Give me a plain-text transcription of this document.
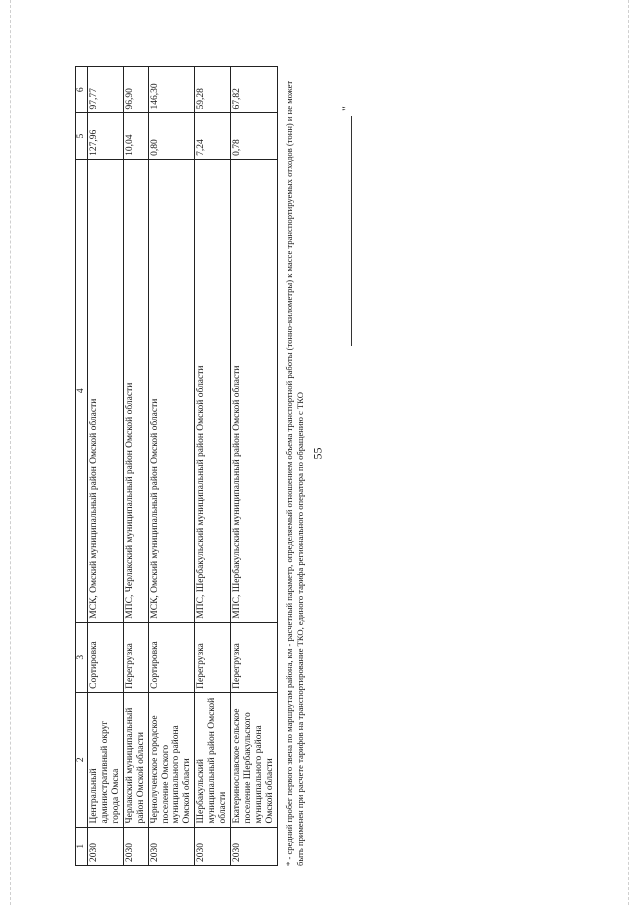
55
1	2	3	4	5	6
2030	Центральный административный округ города Омска	Сортировка	МСК, Омский муниципальный район Омской области	127,96	97,77
2030	Черлакский муниципальный район Омской области	Перегрузка	МПС, Черлакский муниципальный район Омской области	10,04	96,90
2030	Чернолученское городское поселение Омского муниципального района Омской области	Сортировка	МСК, Омский муниципальный район Омской области	0,80	146,30
2030	Шербакульский муниципальный район Омской области	Перегрузка	МПС, Шербакульский муниципальный район Омской области	7,24	59,28
2030	Екатеринославское сельское поселение Шербакульского муниципального района Омской области	Перегрузка	МПС, Шербакульский муниципальный район Омской области	0,78	67,82	* - средний пробег первого звена по маршрутам района, км - расчетный параметр, определяемый отношением объема транспортной работы (тонно-километры) к массе транспортируемых отходов (тонн) и не может быть применен при расчете тарифов на транспортирование ТКО, единого тарифа регионального оператора по обращению с ТКО
"
